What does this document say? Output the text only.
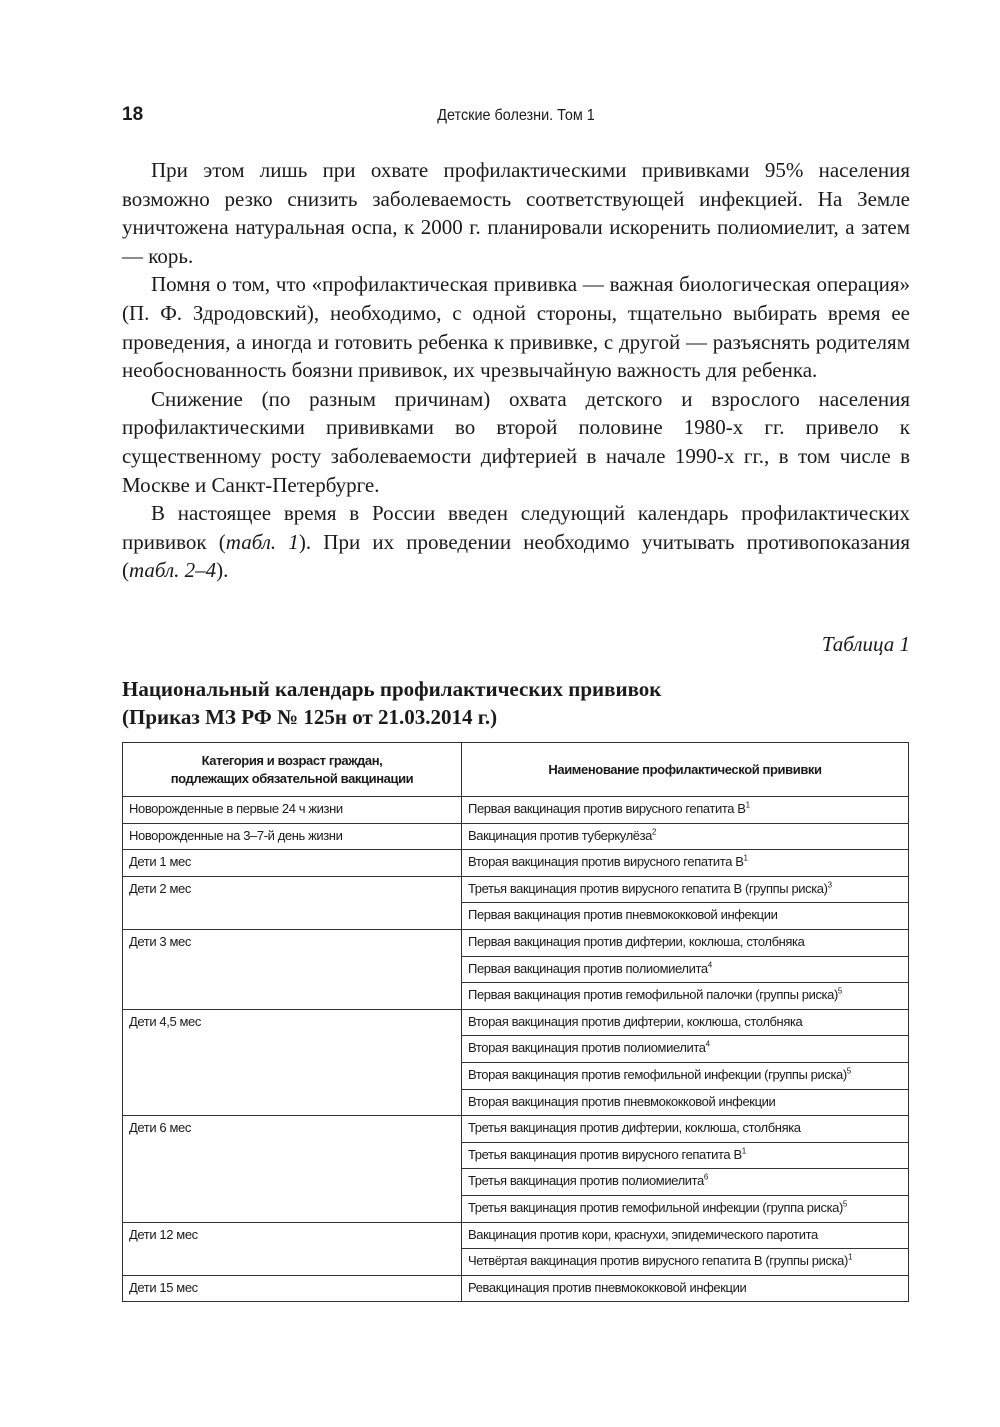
18	Детские болезни. Том 1

При этом лишь при охвате профилактическими прививками 95% населения возможно резко снизить заболеваемость соответствующей инфекцией. На Земле уничтожена натуральная оспа, к 2000 г. планировали искоренить полиомиелит, а затем — корь.

Помня о том, что «профилактическая прививка — важная биологическая операция» (П. Ф. Здродовский), необходимо, с одной стороны, тщательно выбирать время ее проведения, а иногда и готовить ребенка к прививке, с другой — разъяснять родителям необоснованность боязни прививок, их чрезвычайную важность для ребенка.

Снижение (по разным причинам) охвата детского и взрослого населения профилактическими прививками во второй половине 1980-х гг. привело к существенному росту заболеваемости дифтерией в начале 1990-х гг., в том числе в Москве и Санкт-Петербурге.

В настоящее время в России введен следующий календарь профилактических прививок (табл. 1). При их проведении необходимо учитывать противопоказания (табл. 2–4).

Таблица 1
Национальный календарь профилактических прививок
(Приказ МЗ РФ № 125н от 21.03.2014 г.)
Категория и возраст граждан,
подлежащих обязательной вакцинации	Наименование профилактической прививки
Новорожденные в первые 24 ч жизни	Первая вакцинация против вирусного гепатита $В^1$
Новорожденные на 3–7-й день жизни	Вакцинация против туберкулёза$^2$
Дети 1 мес	Вторая вакцинация против вирусного гепатита $В^1$
Дети 2 мес	Третья вакцинация против вирусного гепатита В (группы риска)$^3$
	Первая вакцинация против пневмококковой инфекции
Дети 3 мес	Первая вакцинация против дифтерии, коклюша, столбняка
	Первая вакцинация против полиомиелита$^4$
	Первая вакцинация против гемофильной палочки (группы риска)$^5$
Дети 4,5 мес	Вторая вакцинация против дифтерии, коклюша, столбняка
	Вторая вакцинация против полиомиелита$^4$
	Вторая вакцинация против гемофильной инфекции (группы риска)$^5$
	Вторая вакцинация против пневмококковой инфекции
Дети 6 мес	Третья вакцинация против дифтерии, коклюша, столбняка
	Третья вакцинация против вирусного гепатита $В^1$
	Третья вакцинация против полиомиелита$^6$
	Третья вакцинация против гемофильной инфекции (группа риска)$^5$
Дети 12 мес	Вакцинация против кори, краснухи, эпидемического паротита
	Четвёртая вакцинация против вирусного гепатита В (группы риска)$^1$
Дети 15 мес	Ревакцинация против пневмококковой инфекции
